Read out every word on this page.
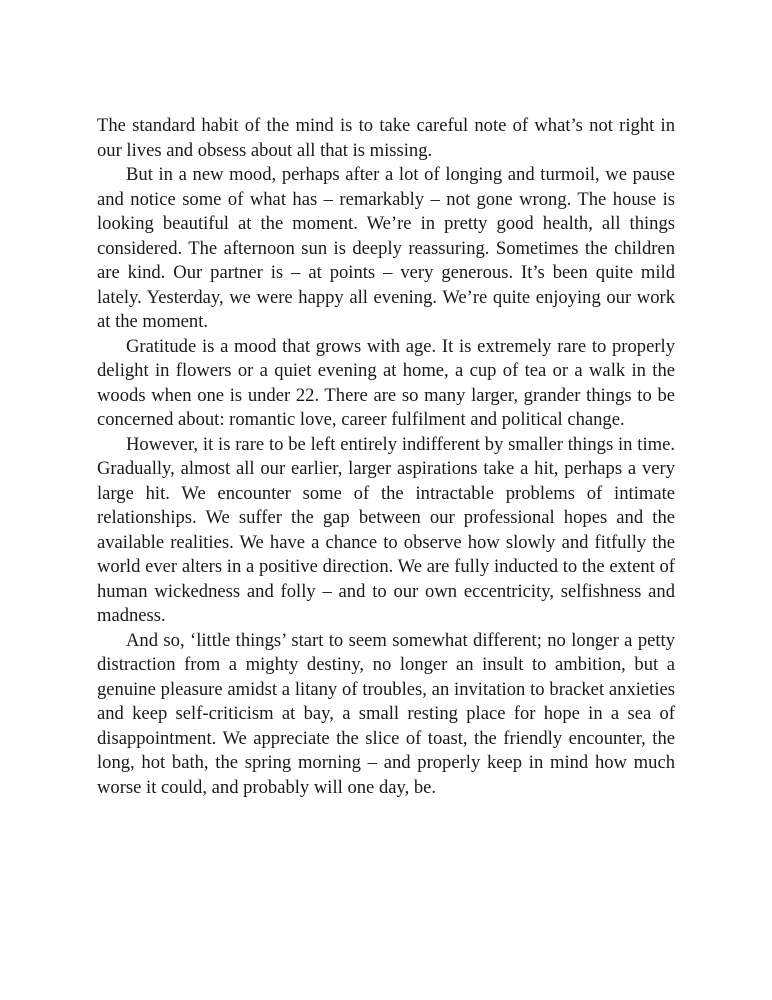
The standard habit of the mind is to take careful note of what’s not right in our lives and obsess about all that is missing.

But in a new mood, perhaps after a lot of longing and turmoil, we pause and notice some of what has – remarkably – not gone wrong. The house is looking beautiful at the moment. We’re in pretty good health, all things considered. The afternoon sun is deeply reassuring. Sometimes the children are kind. Our partner is – at points – very generous. It’s been quite mild lately. Yesterday, we were happy all evening. We’re quite enjoying our work at the moment.

Gratitude is a mood that grows with age. It is extremely rare to properly delight in flowers or a quiet evening at home, a cup of tea or a walk in the woods when one is under 22. There are so many larger, grander things to be concerned about: romantic love, career fulfilment and political change.

However, it is rare to be left entirely indifferent by smaller things in time. Gradually, almost all our earlier, larger aspirations take a hit, perhaps a very large hit. We encounter some of the intractable problems of intimate relationships. We suffer the gap between our professional hopes and the available realities. We have a chance to observe how slowly and fitfully the world ever alters in a positive direction. We are fully inducted to the extent of human wickedness and folly – and to our own eccentricity, selfishness and madness.

And so, ‘little things’ start to seem somewhat different; no longer a petty distraction from a mighty destiny, no longer an insult to ambition, but a genuine pleasure amidst a litany of troubles, an invitation to bracket anxieties and keep self-criticism at bay, a small resting place for hope in a sea of disappointment. We appreciate the slice of toast, the friendly encounter, the long, hot bath, the spring morning – and properly keep in mind how much worse it could, and probably will one day, be.
